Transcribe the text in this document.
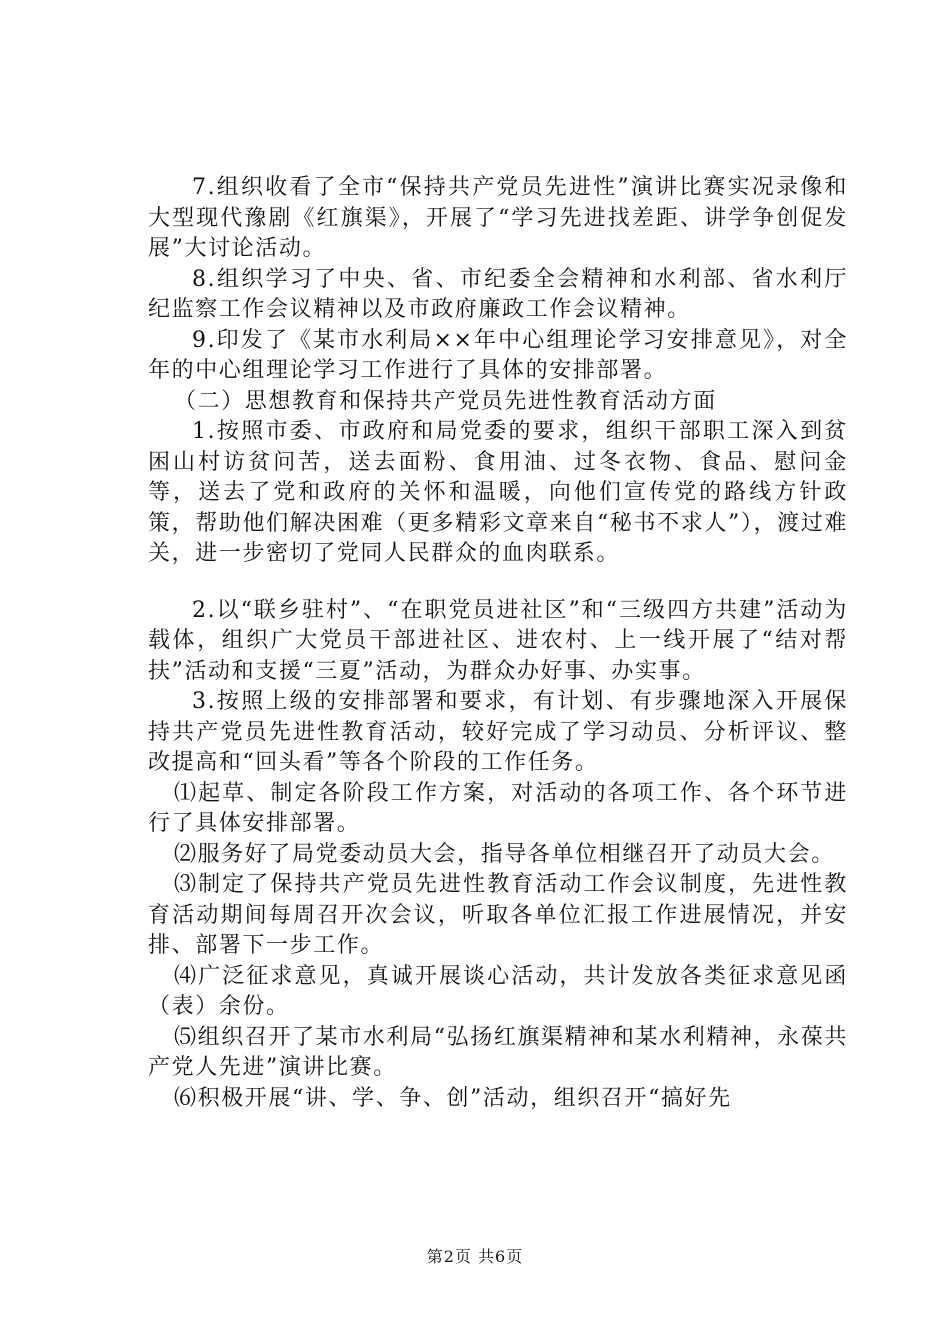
7.组织收看了全市“保持共产党员先进性”演讲比赛实况录像和大型现代豫剧《红旗渠》，开展了“学习先进找差距、讲学争创促发展”大讨论活动。

8.组织学习了中央、省、市纪委全会精神和水利部、省水利厅纪监察工作会议精神以及市政府廉政工作会议精神。

9.印发了《某市水利局××年中心组理论学习安排意见》，对全年的中心组理论学习工作进行了具体的安排部署。

（二）思想教育和保持共产党员先进性教育活动方面

1.按照市委、市政府和局党委的要求，组织干部职工深入到贫困山村访贫问苦，送去面粉、食用油、过冬衣物、食品、慰问金等，送去了党和政府的关怀和温暖，向他们宣传党的路线方针政策，帮助他们解决困难（更多精彩文章来自“秘书不求人”），渡过难关，进一步密切了党同人民群众的血肉联系。

2.以“联乡驻村”、“在职党员进社区”和“三级四方共建”活动为载体，组织广大党员干部进社区、进农村、上一线开展了“结对帮扶”活动和支援“三夏”活动，为群众办好事、办实事。

3.按照上级的安排部署和要求，有计划、有步骤地深入开展保持共产党员先进性教育活动，较好完成了学习动员、分析评议、整改提高和“回头看”等各个阶段的工作任务。

⑴起草、制定各阶段工作方案，对活动的各项工作、各个环节进行了具体安排部署。

⑵服务好了局党委动员大会，指导各单位相继召开了动员大会。

⑶制定了保持共产党员先进性教育活动工作会议制度，先进性教育活动期间每周召开次会议，听取各单位汇报工作进展情况，并安排、部署下一步工作。

⑷广泛征求意见，真诚开展谈心活动，共计发放各类征求意见函（表）余份。

⑸组织召开了某市水利局“弘扬红旗渠精神和某水利精神，永葆共产党人先进”演讲比赛。

⑹积极开展“讲、学、争、创”活动，组织召开“搞好先

第2页 共6页
